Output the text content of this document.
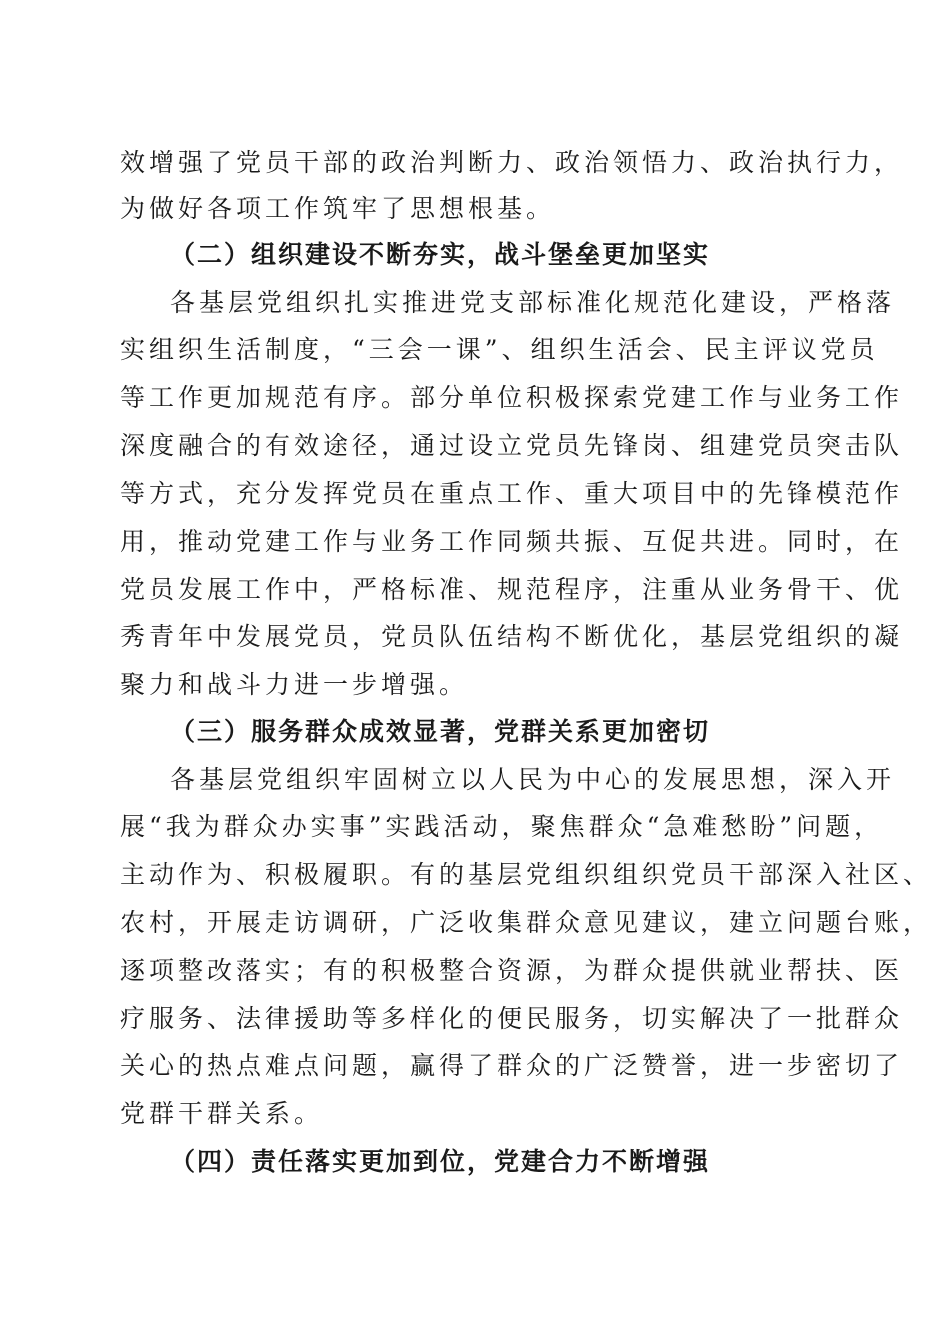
效增强了党员干部的政治判断力、政治领悟力、政治执行力，
为做好各项工作筑牢了思想根基。
（二）组织建设不断夯实，战斗堡垒更加坚实
各基层党组织扎实推进党支部标准化规范化建设，严格落
实组织生活制度，“三会一课”、组织生活会、民主评议党员
等工作更加规范有序。部分单位积极探索党建工作与业务工作
深度融合的有效途径，通过设立党员先锋岗、组建党员突击队
等方式，充分发挥党员在重点工作、重大项目中的先锋模范作
用，推动党建工作与业务工作同频共振、互促共进。同时，在
党员发展工作中，严格标准、规范程序，注重从业务骨干、优
秀青年中发展党员，党员队伍结构不断优化，基层党组织的凝
聚力和战斗力进一步增强。
（三）服务群众成效显著，党群关系更加密切
各基层党组织牢固树立以人民为中心的发展思想，深入开
展“我为群众办实事”实践活动，聚焦群众“急难愁盼”问题，
主动作为、积极履职。有的基层党组织组织党员干部深入社区、
农村，开展走访调研，广泛收集群众意见建议，建立问题台账，
逐项整改落实；有的积极整合资源，为群众提供就业帮扶、医
疗服务、法律援助等多样化的便民服务，切实解决了一批群众
关心的热点难点问题，赢得了群众的广泛赞誉，进一步密切了
党群干群关系。
（四）责任落实更加到位，党建合力不断增强
